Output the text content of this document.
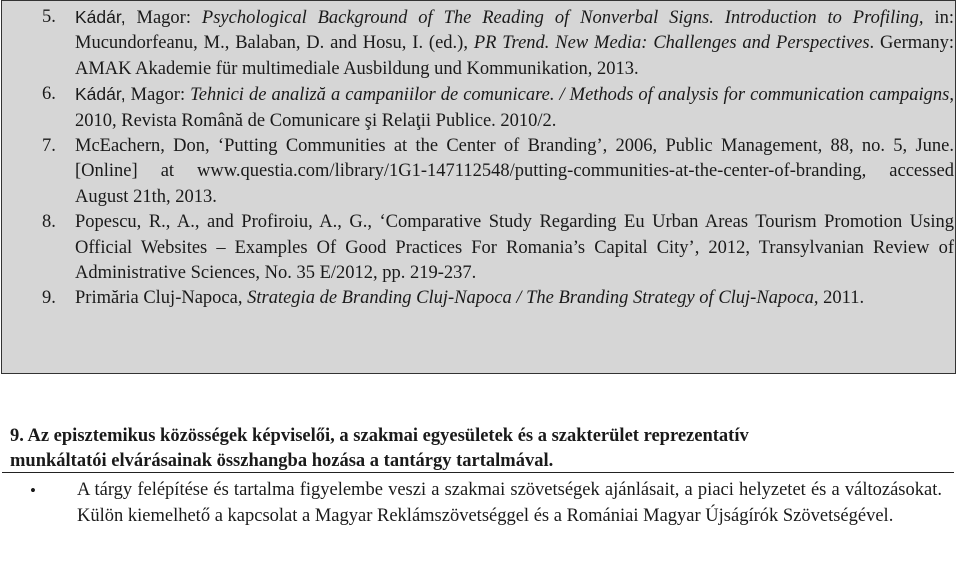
5. Kádár, Magor: Psychological Background of The Reading of Nonverbal Signs. Introduction to Profiling, in: Mucundorfeanu, M., Balaban, D. and Hosu, I. (ed.), PR Trend. New Media: Challenges and Perspectives. Germany: AMAK Akademie für multimediale Ausbildung und Kommunikation, 2013.
6. Kádár, Magor: Tehnici de analiză a campaniilor de comunicare. / Methods of analysis for communication campaigns, 2010, Revista Română de Comunicare şi Relaţii Publice. 2010/2.
7. McEachern, Don, ‘Putting Communities at the Center of Branding’, 2006, Public Management, 88, no. 5, June. [Online] at www.questia.com/library/1G1-147112548/putting-communities-at-the-center-of-branding, accessed August 21th, 2013.
8. Popescu, R., A., and Profiroiu, A., G., ‘Comparative Study Regarding Eu Urban Areas Tourism Promotion Using Official Websites – Examples Of Good Practices For Romania’s Capital City’, 2012, Transylvanian Review of Administrative Sciences, No. 35 E/2012, pp. 219-237.
9. Primăria Cluj-Napoca, Strategia de Branding Cluj-Napoca / The Branding Strategy of Cluj-Napoca, 2011.
9. Az episztemikus közösségek képviselői, a szakmai egyesületek és a szakterület reprezentatív
munkáltatói elvárásainak összhangba hozása a tantárgy tartalmával.
• A tárgy felépítése és tartalma figyelembe veszi a szakmai szövetségek ajánlásait, a piaci helyzetet és a változásokat. Külön kiemelhető a kapcsolat a Magyar Reklámszövetséggel és a Romániai Magyar Újságírók Szövetségével.
